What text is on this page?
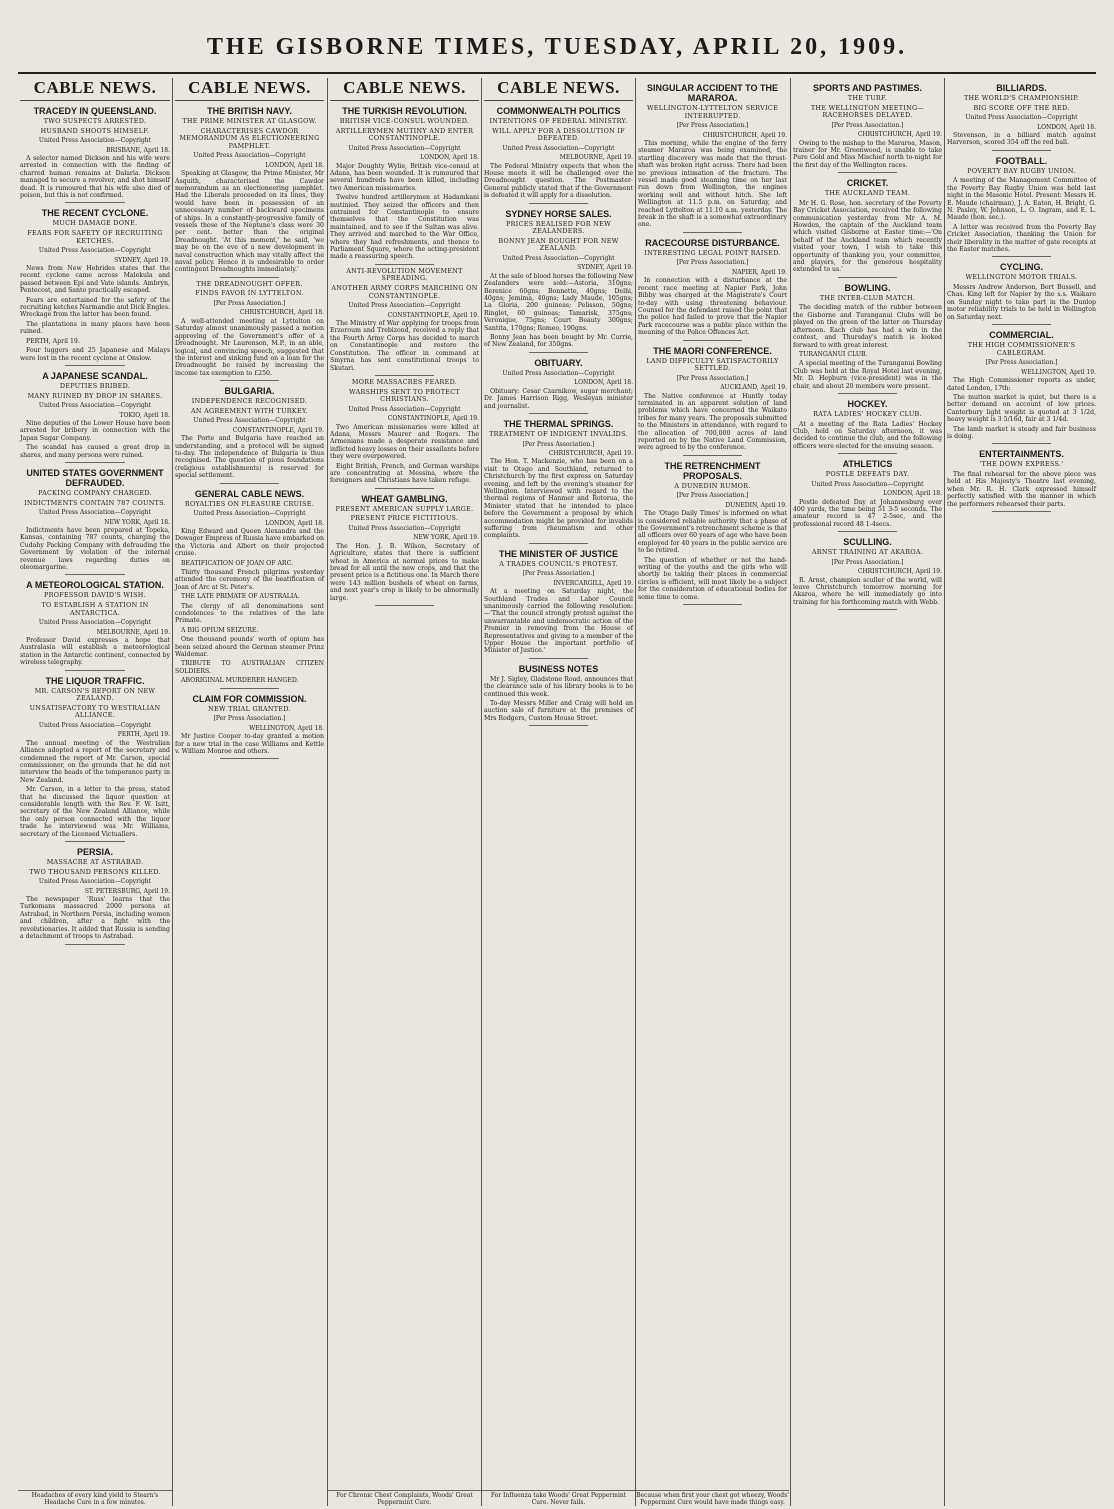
THE GISBORNE TIMES, TUESDAY, APRIL 20, 1909.
CABLE NEWS.
TRACEDY IN QUEENSLAND.
TWO SUSPECTS ARRESTED.
HUSBAND SHOOTS HIMSELF.
United Press Association—Copyright
BRISBANE, April 18.

A selector named Dickson and his wife were arrested in connection with the finding of charred human remains at Dalaria. Dickson managed to secure a revolver, and shot himself dead. It is rumoured that his wife also died of poison, but this is not confirmed.

THE RECENT CYCLONE.
MUCH DAMAGE DONE.
FEARS FOR SAFETY OF RECRUITING KETCHES.
United Press Association—Copyright
SYDNEY, April 19.

News from New Hebrides states that the recent cyclone came across Malekula and passed between Epi and Vate islands. Ambryn, Pentecost, and Santo practically escaped.

Fears are entertained for the safety of the recruiting ketches Narmandie and Dick Engles. Wreckage from the latter has been found.

The plantations in many places have been ruined.

PERTH, April 19.

Four luggers and 25 Japanese and Malays were lost in the recent cyclone at Onslow.

A JAPANESE SCANDAL.
DEPUTIES BRIBED.
MANY RUINED BY DROP IN SHARES.
United Press Association—Copyright
TOKIO, April 18.

Nine deputies of the Lower House have been arrested for bribery in connection with the Japan Sugar Company.

The scandal has caused a great drop in shares, and many persons were ruined.

UNITED STATES GOVERNMENT DEFRAUDED.
PACKING COMPANY CHARGED.
INDICTMENTS CONTAIN 787 COUNTS.
United Press Association—Copyright
NEW YORK, April 18.

Indictments have been prepared at Topeka, Kansas, containing 787 counts, charging the Cudahy Packing Company with defrauding the Government by violation of the internal revenue laws regarding duties on oleomargarine.

A METEOROLOGICAL STATION.
PROFESSOR DAVID'S WISH.
TO ESTABLISH A STATION IN ANTARCTICA.
United Press Association—Copyright
MELBOURNE, April 19.

Professor David expresses a hope that Australasia will establish a meteorological station in the Antarctic continent, connected by wireless telegraphy.

THE LIQUOR TRAFFIC.
MR. CARSON'S REPORT ON NEW ZEALAND.
UNSATISFACTORY TO WESTRALIAN ALLIANCE.
United Press Association—Copyright
PERTH, April 19.

The annual meeting of the Westralian Alliance adopted a report of the secretary and condemned the report of Mr. Carson, special commissioner, on the grounds that he did not interview the heads of the temperance party in New Zealand.

Mr. Carson, in a letter to the press, stated that he discussed the liquor question at considerable length with the Rev. F. W. Isitt, secretary of the New Zealand Alliance, while the only person connected with the liquor trade he interviewed was Mr. Williams, secretary of the Licensed Victuallers.

PERSIA.
MASSACRE AT ASTRABAD.
TWO THOUSAND PERSONS KILLED.
United Press Association—Copyright
ST. PETERSBURG, April 19.

The newspaper 'Russ' learns that the Turkomans massacred 2000 persons at Astrabad, in Northern Persia, including women and children, after a fight with the revolutionaries. It added that Russia is sending a detachment of troops to Astrabad.

Headaches of every kind yield to Stearn's Headache Cure in a few minutes.
CABLE NEWS.
THE BRITISH NAVY.
THE PRIME MINISTER AT GLASGOW.
CHARACTERISES CAWDOR MEMORANDUM AS ELECTIONEERING PAMPHLET.
United Press Association—Copyright
LONDON, April 18.

Speaking at Glasgow, the Prime Minister, Mr Asquith, characterised the Cawdor memorandum as an electioneering pamphlet. Had the Liberals proceeded on its lines, they would have been in possession of an unnecessary number of backward specimens of ships. In a constantly-progressive family of vessels those of the Neptune's class were 30 per cent. better than the original Dreadnought. 'At this moment,' he said, 'we may be on the eve of a new development in naval construction which may vitally affect the naval policy. Hence it is undesirable to order contingent Dreadnoughts immediately.'

THE DREADNOUGHT OFFER.
FINDS FAVOR IN LYTTELTON.
[Per Press Association.]
CHRISTCHURCH, April 18.

A well-attended meeting at Lyttelton on Saturday almost unanimously passed a motion approving of the Government's offer of a Dreadnought. Mr Laurenson, M.P., in an able, logical, and convincing speech, suggested that the interest and sinking fund on a loan for the Dreadnought be raised by increasing the income tax exemption to £250.

BULGARIA.
INDEPENDENCE RECOGNISED.
AN AGREEMENT WITH TURKEY.
United Press Association—Copyright
CONSTANTINOPLE, April 19.

The Porte and Bulgaria have reached an understanding, and a protocol will be signed to-day. The independence of Bulgaria is thus recognised. The question of pious foundations (religious establishments) is reserved for special settlement.

GENERAL CABLE NEWS.
ROYALTIES ON PLEASURE CRUISE.
United Press Association—Copyright
LONDON, April 18.

King Edward and Queen Alexandra and the Dowager Empress of Russia have embarked on the Victoria and Albert on their projected cruise.

BEATIFICATION OF JOAN OF ARC.

Thirty thousand French pilgrims yesterday attended the ceremony of the beatification of Joan of Arc at St. Peter's.

THE LATE PRIMATE OF AUSTRALIA.

The clergy of all denominations sent condolences to the relatives of the late Primate.

A BIG OPIUM SEIZURE.

One thousand pounds' worth of opium has been seized aboard the German steamer Prinz Waldemar.

TRIBUTE TO AUSTRALIAN CITIZEN SOLDIERS.

ABORIGINAL MURDERER HANGED.

CLAIM FOR COMMISSION.
NEW TRIAL GRANTED.
[Per Press Association.]
WELLINGTON, April 18.

Mr Justice Cooper to-day granted a motion for a new trial in the case Williams and Kettle v. William Monroe and others.

CABLE NEWS.
THE TURKISH REVOLUTION.
BRITISH VICE-CONSUL WOUNDED.
ARTILLERYMEN MUTINY AND ENTER CONSTANTINOPLE.
United Press Association—Copyright
LONDON, April 18.

Major Doughty Wylie, British vice-consul at Adana, has been wounded. It is rumoured that several hundreds have been killed, including two American missionaries.

Twelve hundred artillerymen at Hadamkani mutinied. They seized the officers and then entrained for Constantinople to ensure themselves that the Constitution was maintained, and to see if the Sultan was alive. They arrived and marched to the War Office, where they had refreshments, and thence to Parliament Square, where the acting-president made a reassuring speech.

ANTI-REVOLUTION MOVEMENT SPREADING.
ANOTHER ARMY CORPS MARCHING ON CONSTANTINOPLE.
United Press Association—Copyright
CONSTANTINOPLE, April 19.

The Ministry of War applying for troops from Erzeroum and Trebizond, received a reply that the Fourth Army Corps has decided to march on Constantinople and restore the Constitution. The officer in command at Smyrna has sent constitutional troops to Skutari.

MORE MASSACRES FEARED.
WARSHIPS SENT TO PROTECT CHRISTIANS.
United Press Association—Copyright
CONSTANTINOPLE, April 19.

Two American missionaries were killed at Adana, Messrs Maurer and Rogers. The Armenians made a desperate resistance and inflicted heavy losses on their assailants before they were overpowered.

Eight British, French, and German warships are concentrating at Messina, where the foreigners and Christians have taken refuge.

WHEAT GAMBLING.
PRESENT AMERICAN SUPPLY LARGE.
PRESENT PRICE FICTITIOUS.
United Press Association—Copyright
NEW YORK, April 19.

The Hon. J. B. Wilson, Secretary of Agriculture, states that there is sufficient wheat in America at normal prices to make bread for all until the new crops, and that the present price is a fictitious one. In March there were 143 million bushels of wheat on farms, and next year's crop is likely to be abnormally large.

For Chronic Chest Complaints, Woods' Great Peppermint Cure.
CABLE NEWS.
COMMONWEALTH POLITICS
INTENTIONS OF FEDERAL MINISTRY.
WILL APPLY FOR A DISSOLUTION IF DEFEATED.
United Press Association—Copyright
MELBOURNE, April 19.

The Federal Ministry expects that when the House meets it will be challenged over the Dreadnought question. The Postmaster-General publicly stated that if the Government is defeated it will apply for a dissolution.

SYDNEY HORSE SALES.
PRICES REALISED FOR NEW ZEALANDERS.
BONNY JEAN BOUGHT FOR NEW ZEALAND.
United Press Association—Copyright
SYDNEY, April 19.

At the sale of blood horses the following New Zealanders were sold:—Astoria, 310gns; Berenice 60gns; Bonnette, 40gns; Delhi, 40gns; Jemima, 40gns; Lady Maude, 105gns; La Gloria, 200 guineas; Pelisson, 50gns; Ringlet, 60 guineas; Tamarisk, 375gns; Veronique, 75gns; Court Beauty 300gns; Santita, 170gns; Romeo, 190gns.

Bonny Jean has been bought by Mr. Currie, of New Zealand, for 350gns.

OBITUARY.
United Press Association—Copyright
LONDON, April 18.

Obituary: Cesar Czarnikow, sugar merchant; Dr. James Harrison Rigg, Wesleyan minister and journalist.

THE THERMAL SPRINGS.
TREATMENT OF INDIGENT INVALIDS.
[Per Press Association.]
CHRISTCHURCH, April 19.

The Hon. T. Mackenzie, who has been on a visit to Otago and Southland, returned to Christchurch by the first express on Saturday evening, and left by the evening's steamer for Wellington. Interviewed with regard to the thermal regions of Hanmer and Rotorua, the Minister stated that he intended to place before the Government a proposal by which accommodation might be provided for invalids suffering from rheumatism and other complaints.

THE MINISTER OF JUSTICE
A TRADES COUNCIL'S PROTEST.
[Per Press Association.]
INVERCARGILL, April 19.

At a meeting on Saturday night, the Southland Trades and Labor Council unanimously carried the following resolution:—'That the council strongly protest against the unwarrantable and undemocratic action of the Premier in removing from the House of Representatives and giving to a member of the Upper House the important portfolio of Minister of Justice.'

BUSINESS NOTES

Mr J. Sigley, Gladstone Road, announces that the clearance sale of his library books is to be continued this week.

To-day Messrs Miller and Craig will hold an auction sale of furniture at the premises of Mrs Rodgers, Custom House Street.

For Influenza take Woods' Great Peppermint Cure. Never fails.
SINGULAR ACCIDENT TO THE MARAROA.
WELLINGTON-LYTTELTON SERVICE INTERRUPTED.
[Per Press Association.]
CHRISTCHURCH, April 19.

This morning, while the engine of the ferry steamer Mararoa was being examined, the startling discovery was made that the thrust-shaft was broken right across. There had been no previous intimation of the fracture. The vessel made good steaming time on her last run down from Wellington, the engines working well and without hitch. She left Wellington at 11.5 p.m. on Saturday, and reached Lyttelton at 11.10 a.m. yesterday. The break in the shaft is a somewhat extraordinary one.

RACECOURSE DISTURBANCE.
INTERESTING LEGAL POINT RAISED.
[Per Press Association.]
NAPIER, April 19.

In connection with a disturbance at the recent race meeting at Napier Park, John Bibby was charged at the Magistrate's Court to-day with using threatening behaviour. Counsel for the defendant raised the point that the police had failed to prove that the Napier Park racecourse was a public place within the meaning of the Police Offences Act.

THE MAORI CONFERENCE.
LAND DIFFICULTY SATISFACTORILY SETTLED.
[Per Press Association.]
AUCKLAND, April 19.

The Native conference at Huntly today terminated in an apparent solution of land problems which have concerned the Waikato tribes for many years. The proposals submitted to the Ministers in attendance, with regard to the allocation of 700,000 acres of land reported on by the Native Land Commission, were agreed to by the conference.

THE RETRENCHMENT PROPOSALS.
A DUNEDIN RUMOR.
[Per Press Association.]
DUNEDIN, April 19.

The 'Otago Daily Times' is informed on what is considered reliable authority that a phase of the Government's retrenchment scheme is that all officers over 60 years of age who have been employed for 40 years in the public service are to be retired.

The question of whether or not the hand-writing of the youths and the girls who will shortly be taking their places in commercial circles is efficient, will most likely be a subject for the consideration of educational bodies for some time to come.

Because when first your chest got wheezy, Woods' Peppermint Cure would have made things easy.
SPORTS AND PASTIMES.
THE TURF.
THE WELLINGTON MEETING—RACEHORSES DELAYED.
[Per Press Association.]
CHRISTCHURCH, April 19.

Owing to the mishap to the Mararoa, Mason, trainer for Mr. Greenwood, is unable to take Pure Gold and Miss Mischief north to-night for the first day of the Wellington races.

CRICKET.
THE AUCKLAND TEAM.

Mr H. G. Rose, hon. secretary of the Poverty Bay Cricket Association, received the following communication yesterday from Mr A. M. Howden, the captain of the Auckland team which visited Gisborne at Easter time:—'On behalf of the Auckland team which recently visited your town, I wish to take this opportunity of thanking you, your committee, and players, for the generous hospitality extended to us.'

BOWLING.
THE INTER-CLUB MATCH.

The deciding match of the rubber between the Gisborne and Turanganui Clubs will be played on the green of the latter on Thursday afternoon. Each club has had a win in the contest, and Thursday's match is looked forward to with great interest.

TURANGANUI CLUB.

A special meeting of the Turanganui Bowling Club was held at the Royal Hotel last evening, Mr. D. Hepburn (vice-president) was in the chair, and about 20 members were present.

HOCKEY.
RATA LADIES' HOCKEY CLUB.

At a meeting of the Rata Ladies' Hockey Club, held on Saturday afternoon, it was decided to continue the club, and the following officers were elected for the ensuing season.

ATHLETICS
POSTLE DEFEATS DAY.
United Press Association—Copyright
LONDON, April 18.

Postle defeated Day at Johannesburg over 400 yards, the time being 51 3-5 seconds. The amateur record is 47 2-5sec, and the professional record 48 1-4secs.

SCULLING.
ARNST TRAINING AT AKAROA.
[Per Press Association.]
CHRISTCHURCH, April 19.

R. Arnst, champion sculler of the world, will leave Christchurch tomorrow morning for Akaroa, where he will immediately go into training for his forthcoming match with Webb.

BILLIARDS.
THE WORLD'S CHAMPIONSHIP.
BIG SCORE OFF THE RED.
United Press Association—Copyright
LONDON, April 18.

Stevenson, in a billiard match against Harverson, scored 354 off the red ball.

FOOTBALL.
POVERTY BAY RUGBY UNION.

A meeting of the Management Committee of the Poverty Bay Rugby Union was held last night in the Masonic Hotel. Present: Messrs H. E. Maude (chairman), J. A. Eaton, H. Bright, G. N. Pasley, W. Johnson, L. O. Ingram, and E. L. Maude (hon. sec.).

A letter was received from the Poverty Bay Cricket Association, thanking the Union for their liberality in the matter of gate receipts at the Easter matches.

CYCLING.
WELLINGTON MOTOR TRIALS.

Messrs Andrew Anderson, Bert Bussell, and Chas. King left for Napier by the s.s. Waikare on Sunday night to take part in the Dunlop motor reliability trials to be held in Wellington on Saturday next.

COMMERCIAL.
THE HIGH COMMISSIONER'S CABLEGRAM.
[Per Press Association.]
WELLINGTON, April 19.

The High Commissioner reports as under, dated London, 17th:

The mutton market is quiet, but there is a better demand on account of low prices. Canterbury light weight is quoted at 3 1/2d, heavy weight is 3 5/16d, fair at 3 1/4d.

The lamb market is steady and fair business is doing.

ENTERTAINMENTS.
'THE DOWN EXPRESS.'

The final rehearsal for the above piece was held at His Majesty's Theatre last evening, when Mr. R. H. Clark expressed himself perfectly satisfied with the manner in which the performers rehearsed their parts.
